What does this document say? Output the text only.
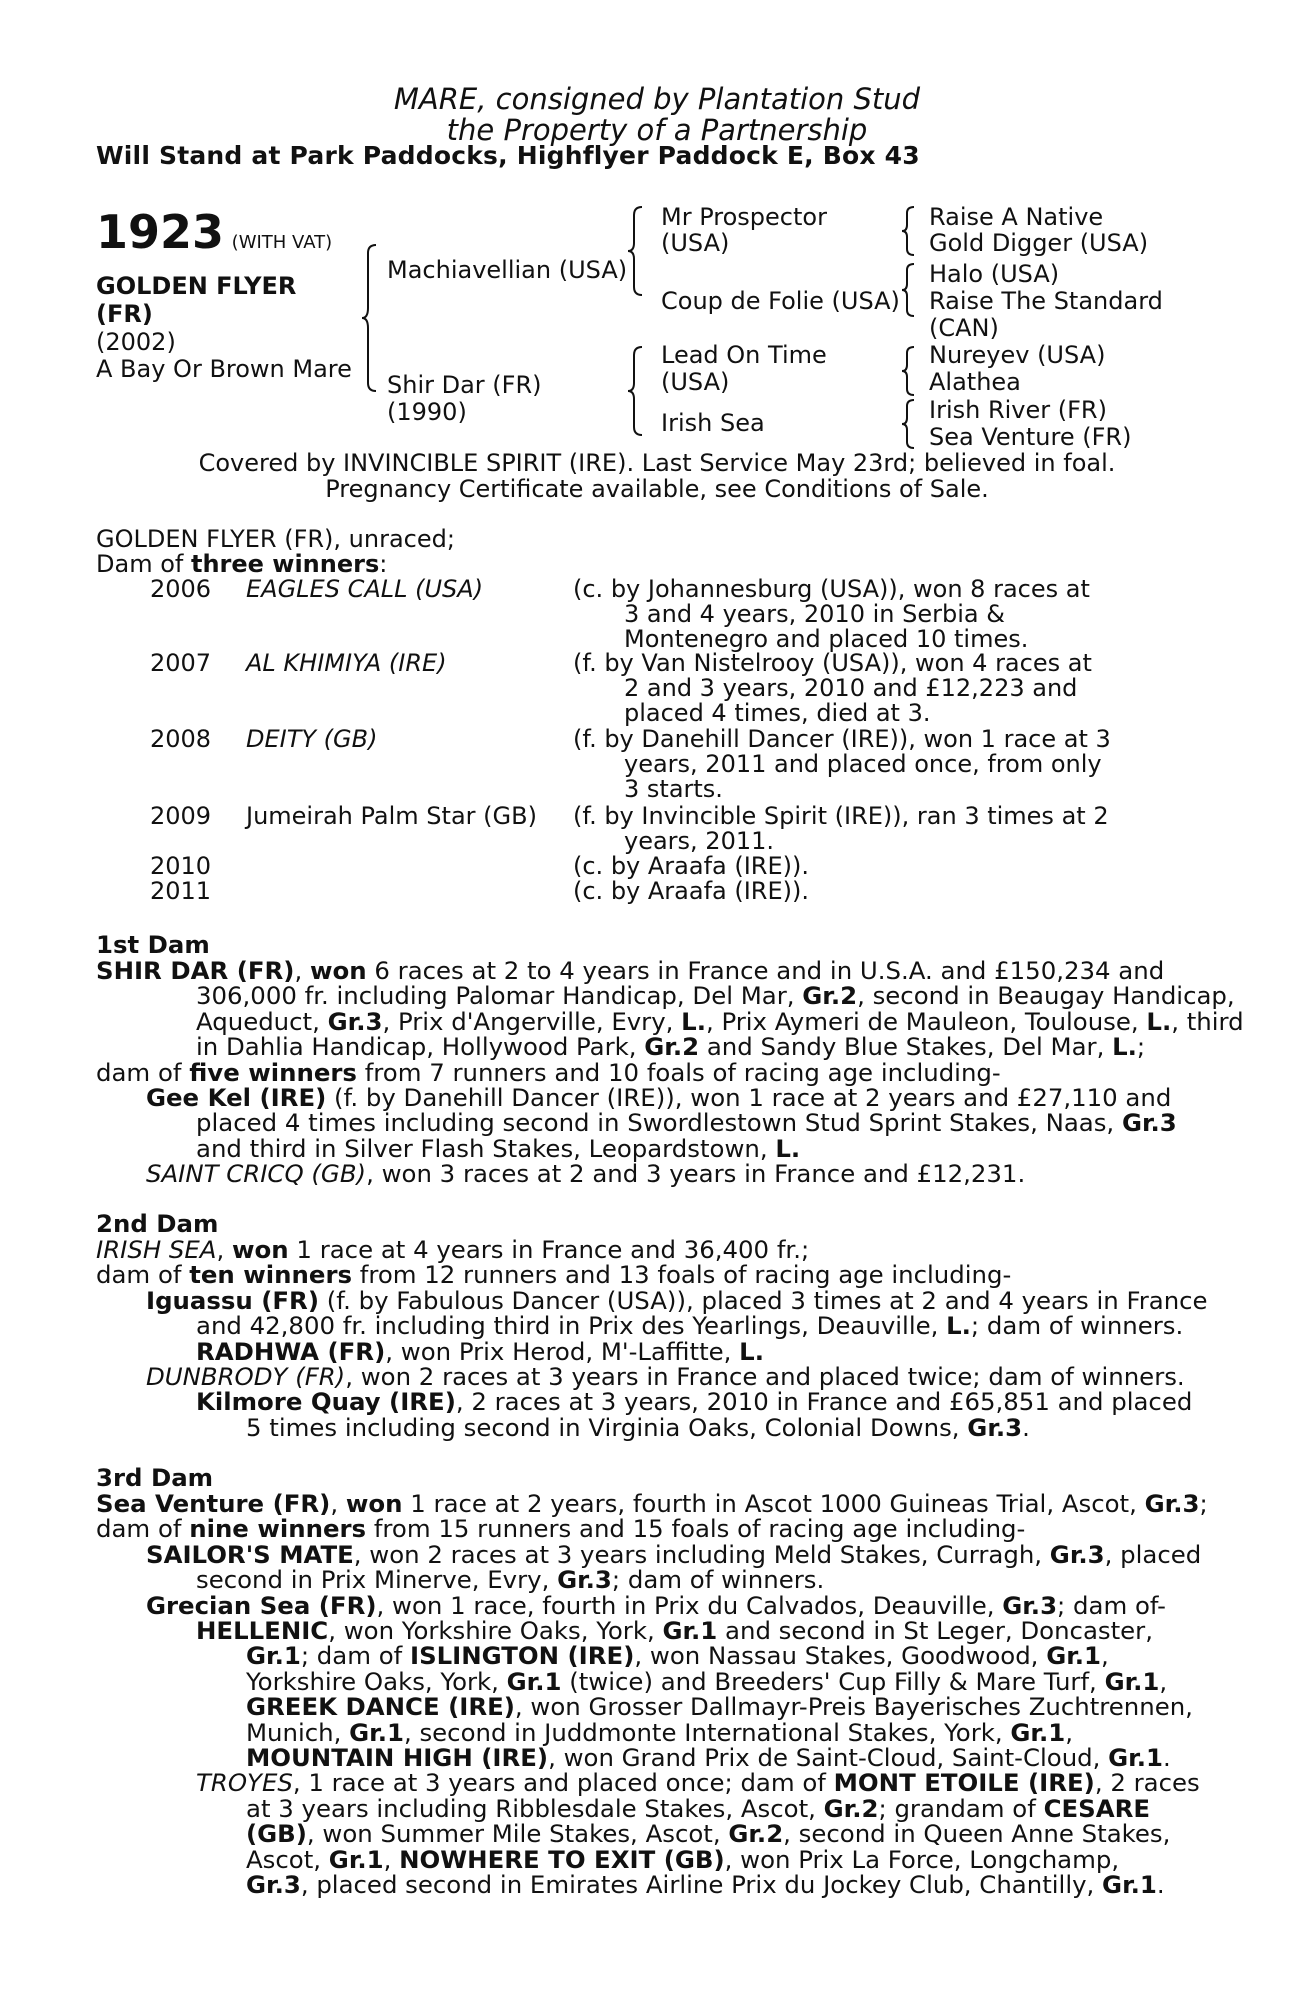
MARE, consigned by Plantation Stud
the Property of a Partnership
Will Stand at Park Paddocks, Highflyer Paddock E, Box 43
1923 (WITH VAT)
GOLDEN FLYER
(FR)
(2002)
A Bay Or Brown Mare
Machiavellian (USA)
Shir Dar (FR)
(1990)
Mr Prospector
(USA)
Coup de Folie (USA)
Lead On Time
(USA)
Irish Sea
Raise A Native
Gold Digger (USA)
Halo (USA)
Raise The Standard
(CAN)
Nureyev (USA)
Alathea
Irish River (FR)
Sea Venture (FR)
Covered by INVINCIBLE SPIRIT (IRE). Last Service May 23rd; believed in foal.
Pregnancy Certificate available, see Conditions of Sale.
GOLDEN FLYER (FR), unraced;
Dam of three winners:
2006 EAGLES CALL (USA)	(c. by Johannesburg (USA)), won 8 races at
3 and 4 years, 2010 in Serbia &
Montenegro and placed 10 times.
2007 AL KHIMIYA (IRE)	(f. by Van Nistelrooy (USA)), won 4 races at
2 and 3 years, 2010 and £12,223 and
placed 4 times, died at 3.
2008 DEITY (GB)	(f. by Danehill Dancer (IRE)), won 1 race at 3
years, 2011 and placed once, from only
3 starts.
2009 Jumeirah Palm Star (GB) (f. by Invincible Spirit (IRE)), ran 3 times at 2
years, 2011.
2010	(c. by Araafa (IRE)).
2011	(c. by Araafa (IRE)).
1st Dam
SHIR DAR (FR), won 6 races at 2 to 4 years in France and in U.S.A. and £150,234 and
306,000 fr. including Palomar Handicap, Del Mar, Gr.2, second in Beaugay Handicap,
Aqueduct, Gr.3, Prix d'Angerville, Evry, L., Prix Aymeri de Mauleon, Toulouse, L., third
in Dahlia Handicap, Hollywood Park, Gr.2 and Sandy Blue Stakes, Del Mar, L.;
dam of five winners from 7 runners and 10 foals of racing age including-
Gee Kel (IRE) (f. by Danehill Dancer (IRE)), won 1 race at 2 years and £27,110 and
placed 4 times including second in Swordlestown Stud Sprint Stakes, Naas, Gr.3
and third in Silver Flash Stakes, Leopardstown, L.
SAINT CRICQ (GB), won 3 races at 2 and 3 years in France and £12,231.
2nd Dam
IRISH SEA, won 1 race at 4 years in France and 36,400 fr.;
dam of ten winners from 12 runners and 13 foals of racing age including-
Iguassu (FR) (f. by Fabulous Dancer (USA)), placed 3 times at 2 and 4 years in France
and 42,800 fr. including third in Prix des Yearlings, Deauville, L.; dam of winners.
RADHWA (FR), won Prix Herod, M'-Laffitte, L.
DUNBRODY (FR), won 2 races at 3 years in France and placed twice; dam of winners.
Kilmore Quay (IRE), 2 races at 3 years, 2010 in France and £65,851 and placed
5 times including second in Virginia Oaks, Colonial Downs, Gr.3.
3rd Dam
Sea Venture (FR), won 1 race at 2 years, fourth in Ascot 1000 Guineas Trial, Ascot, Gr.3;
dam of nine winners from 15 runners and 15 foals of racing age including-
SAILOR'S MATE, won 2 races at 3 years including Meld Stakes, Curragh, Gr.3, placed
second in Prix Minerve, Evry, Gr.3; dam of winners.
Grecian Sea (FR), won 1 race, fourth in Prix du Calvados, Deauville, Gr.3; dam of-
HELLENIC, won Yorkshire Oaks, York, Gr.1 and second in St Leger, Doncaster,
Gr.1; dam of ISLINGTON (IRE), won Nassau Stakes, Goodwood, Gr.1,
Yorkshire Oaks, York, Gr.1 (twice) and Breeders' Cup Filly & Mare Turf, Gr.1,
GREEK DANCE (IRE), won Grosser Dallmayr-Preis Bayerisches Zuchtrennen,
Munich, Gr.1, second in Juddmonte International Stakes, York, Gr.1,
MOUNTAIN HIGH (IRE), won Grand Prix de Saint-Cloud, Saint-Cloud, Gr.1.
TROYES, 1 race at 3 years and placed once; dam of MONT ETOILE (IRE), 2 races
at 3 years including Ribblesdale Stakes, Ascot, Gr.2; grandam of CESARE
(GB), won Summer Mile Stakes, Ascot, Gr.2, second in Queen Anne Stakes,
Ascot, Gr.1, NOWHERE TO EXIT (GB), won Prix La Force, Longchamp,
Gr.3, placed second in Emirates Airline Prix du Jockey Club, Chantilly, Gr.1.
